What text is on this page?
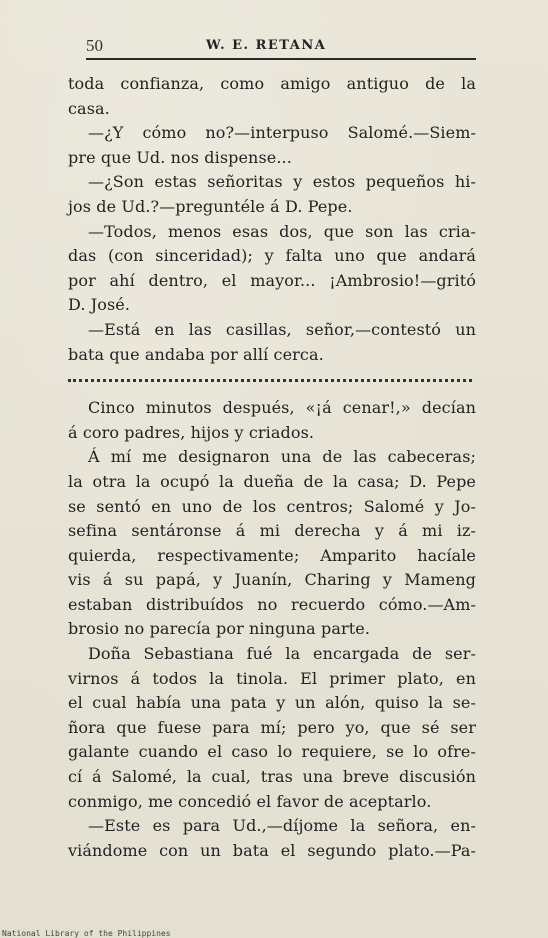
50	W. E. RETANA
toda confianza, como amigo antiguo de la
casa.
—¿Y cómo no?—interpuso Salomé.—Siem-
pre que Ud. nos dispense...
—¿Son estas señoritas y estos pequeños hi-
jos de Ud.?—preguntéle á D. Pepe.
—Todos, menos esas dos, que son las cria-
das (con sinceridad); y falta uno que andará
por ahí dentro, el mayor... ¡Ambrosio!—gritó
D. José.
—Está en las casillas, señor,—contestó un
bata que andaba por allí cerca.
Cinco minutos después, «¡á cenar!,» decían
á coro padres, hijos y criados.
Á mí me designaron una de las cabeceras;
la otra la ocupó la dueña de la casa; D. Pepe
se sentó en uno de los centros; Salomé y Jo-
sefina sentáronse á mi derecha y á mi iz-
quierda, respectivamente; Amparito hacíale
vis á su papá, y Juanín, Charing y Mameng
estaban distribuídos no recuerdo cómo.—Am-
brosio no parecía por ninguna parte.
Doña Sebastiana fué la encargada de ser-
virnos á todos la tinola. El primer plato, en
el cual había una pata y un alón, quiso la se-
ñora que fuese para mí; pero yo, que sé ser
galante cuando el caso lo requiere, se lo ofre-
cí á Salomé, la cual, tras una breve discusión
conmigo, me concedió el favor de aceptarlo.
—Este es para Ud.,—díjome la señora, en-
viándome con un bata el segundo plato.—Pa-
National Library of the Philippines
